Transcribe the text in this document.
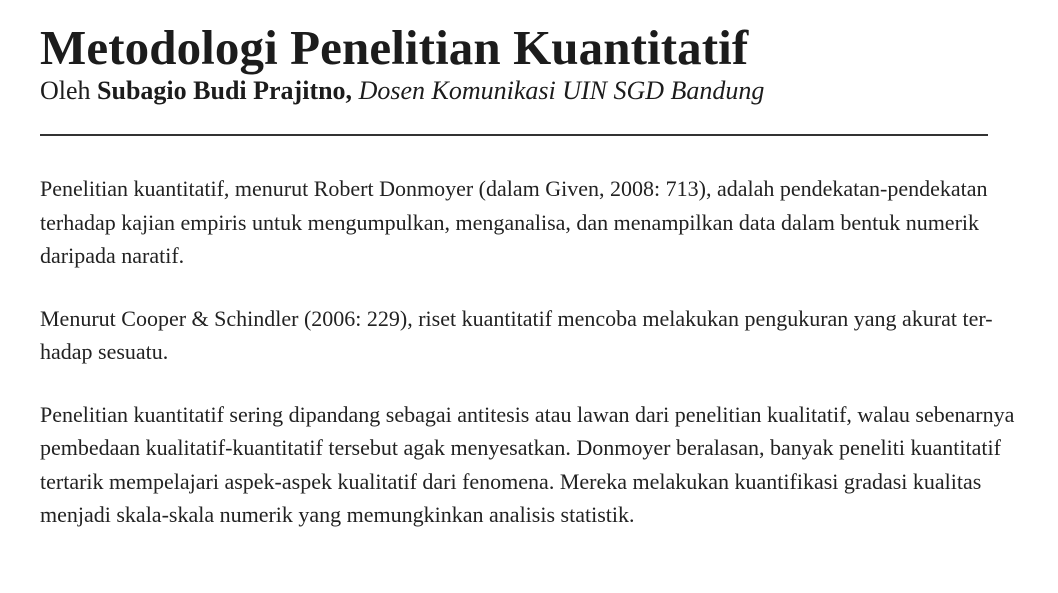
Metodologi Penelitian Kuantitatif

Oleh Subagio Budi Prajitno, Dosen Komunikasi UIN SGD Bandung

Penelitian kuantitatif, menurut Robert Donmoyer (dalam Given, 2008: 713), adalah pendekatan-pendekatan terhadap kajian empiris untuk mengumpulkan, menganalisa, dan menampilkan data dalam bentuk numerik daripada naratif.

Menurut Cooper & Schindler (2006: 229), riset kuantitatif mencoba melakukan pengukuran yang akurat ter-hadap sesuatu.

Penelitian kuantitatif sering dipandang sebagai antitesis atau lawan dari penelitian kualitatif, walau sebenarnya pembedaan kualitatif-kuantitatif tersebut agak menyesatkan. Donmoyer beralasan, banyak peneliti kuantitatif tertarik mempelajari aspek-aspek kualitatif dari fenomena. Mereka melakukan kuantifikasi gradasi kualitas menjadi skala-skala numerik yang memungkinkan analisis statistik.
